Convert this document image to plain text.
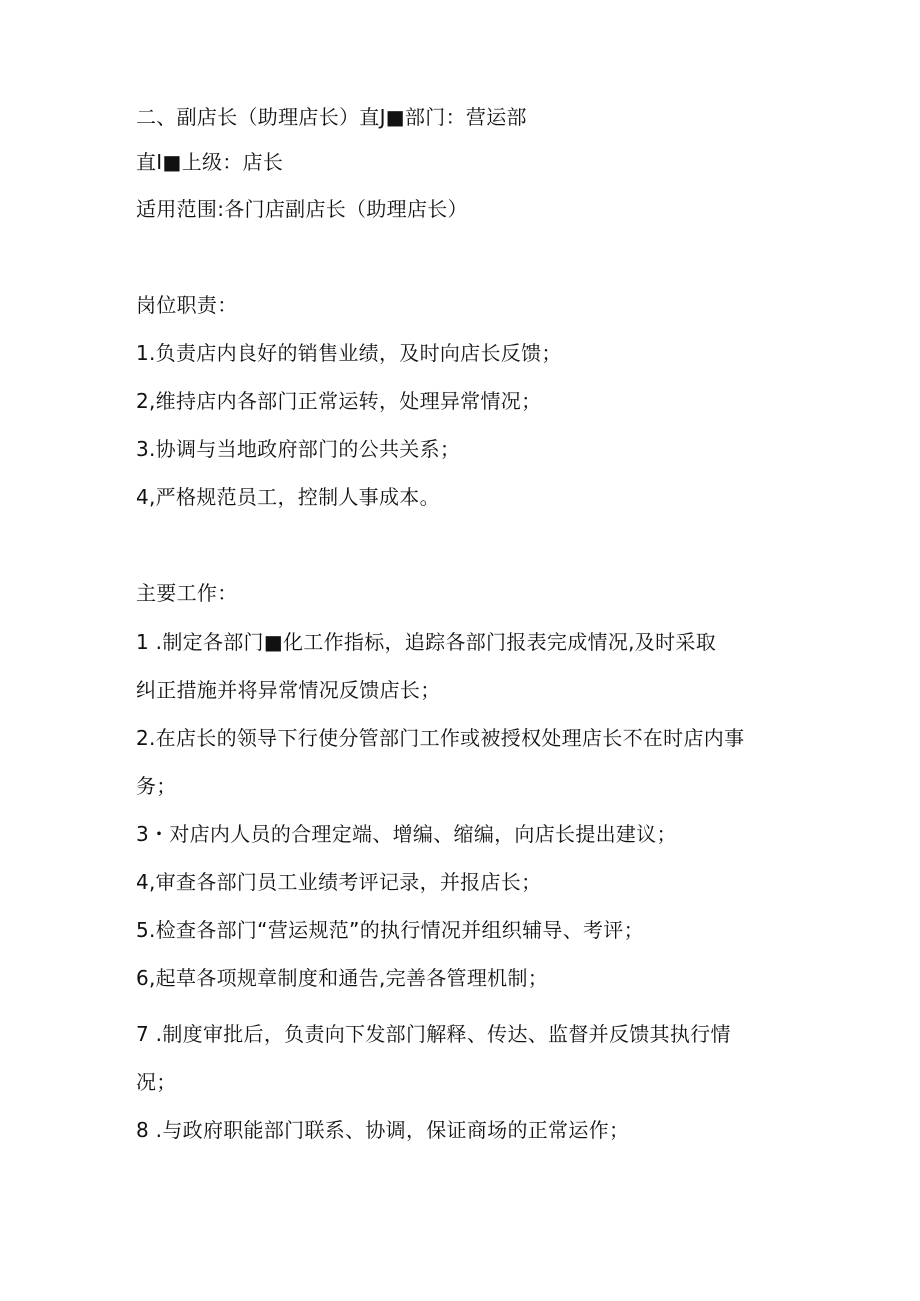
二、副店长（助理店长）直J■部门：营运部
直I■上级：店长
适用范围:各门店副店长（助理店长）
岗位职责：
1.负责店内良好的销售业绩，及时向店长反馈；
2,维持店内各部门正常运转，处理异常情况；
3.协调与当地政府部门的公共关系；
4,严格规范员工，控制人事成本。
主要工作：
1 .制定各部门■化工作指标，追踪各部门报表完成情况,及时采取
纠正措施并将异常情况反馈店长；
2.在店长的领导下行使分管部门工作或被授权处理店长不在时店内事
务；
3・对店内人员的合理定端、增编、缩编，向店长提出建议；
4,审查各部门员工业绩考评记录，并报店长；
5.检查各部门“营运规范”的执行情况并组织辅导、考评；
6,起草各项规章制度和通告,完善各管理机制；
7 .制度审批后，负责向下发部门解释、传达、监督并反馈其执行情
况；
8 .与政府职能部门联系、协调，保证商场的正常运作；
